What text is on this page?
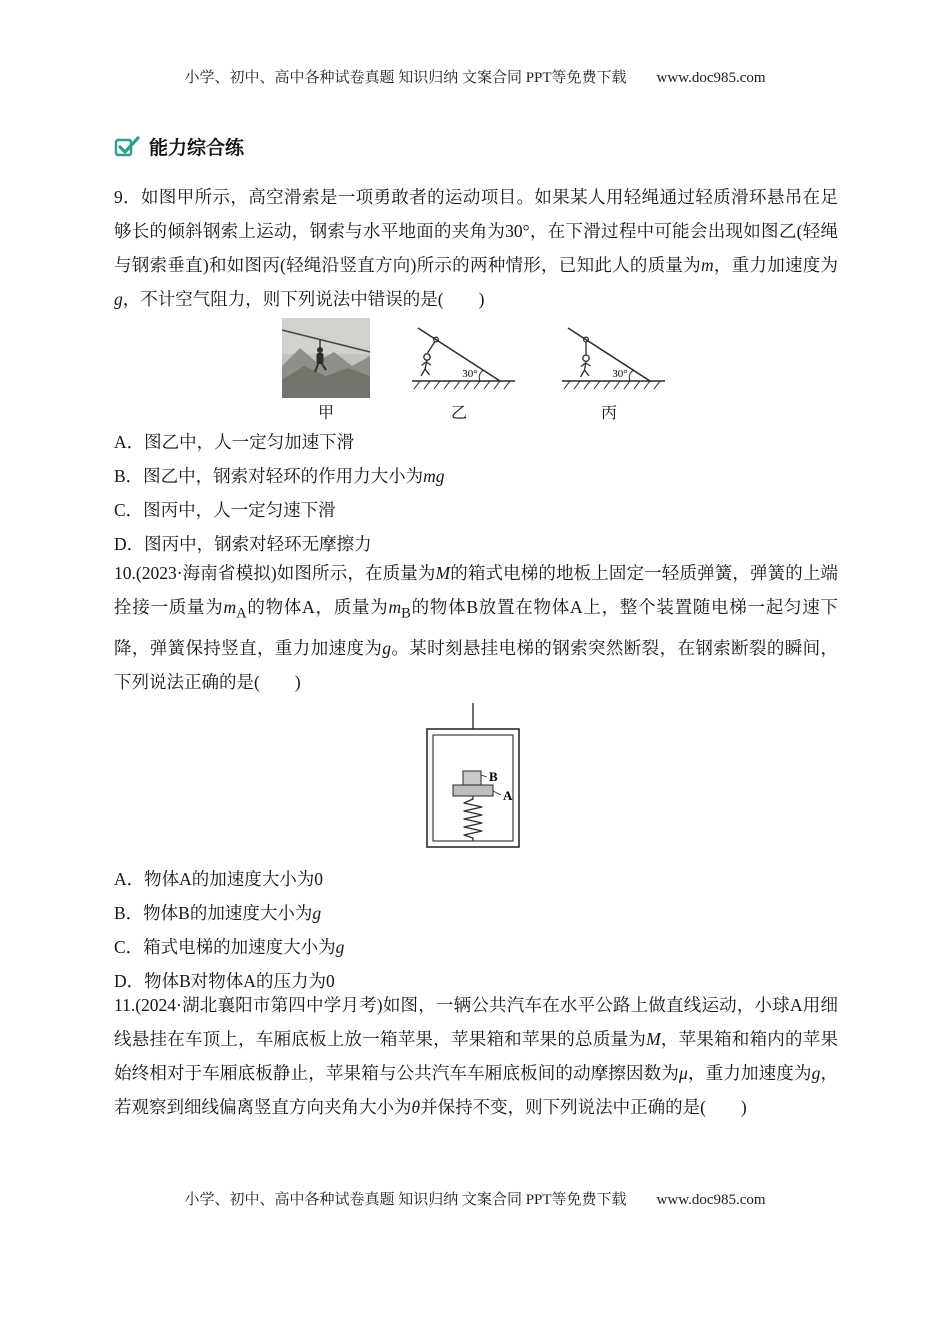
小学、初中、高中各种试卷真题 知识归纳 文案合同 PPT等免费下载 www.doc985.com
能力综合练

9．如图甲所示，高空滑索是一项勇敢者的运动项目。如果某人用轻绳通过轻质滑环悬吊在足够长的倾斜钢索上运动，钢索与水平地面的夹角为30°，在下滑过程中可能会出现如图乙(轻绳与钢索垂直)和如图丙(轻绳沿竖直方向)所示的两种情形，已知此人的质量为m，重力加速度为g，不计空气阻力，则下列说法中错误的是(　　)

甲
30°
乙
30°
丙
A．图乙中，人一定匀加速下滑
B．图乙中，钢索对轻环的作用力大小为mg
C．图丙中，人一定匀速下滑
D．图丙中，钢索对轻环无摩擦力

10.(2023·海南省模拟)如图所示，在质量为M的箱式电梯的地板上固定一轻质弹簧，弹簧的上端拴接一质量为$m_A$的物体A，质量为$m_B$的物体B放置在物体A上，整个装置随电梯一起匀速下降，弹簧保持竖直，重力加速度为g。某时刻悬挂电梯的钢索突然断裂，在钢索断裂的瞬间，下列说法正确的是(　　)

B
A
A．物体A的加速度大小为0
B．物体B的加速度大小为g
C．箱式电梯的加速度大小为g
D．物体B对物体A的压力为0

11.(2024·湖北襄阳市第四中学月考)如图，一辆公共汽车在水平公路上做直线运动，小球A用细线悬挂在车顶上，车厢底板上放一箱苹果，苹果箱和苹果的总质量为M，苹果箱和箱内的苹果始终相对于车厢底板静止，苹果箱与公共汽车车厢底板间的动摩擦因数为μ，重力加速度为g，若观察到细线偏离竖直方向夹角大小为θ并保持不变，则下列说法中正确的是(　　)

小学、初中、高中各种试卷真题 知识归纳 文案合同 PPT等免费下载 www.doc985.com
